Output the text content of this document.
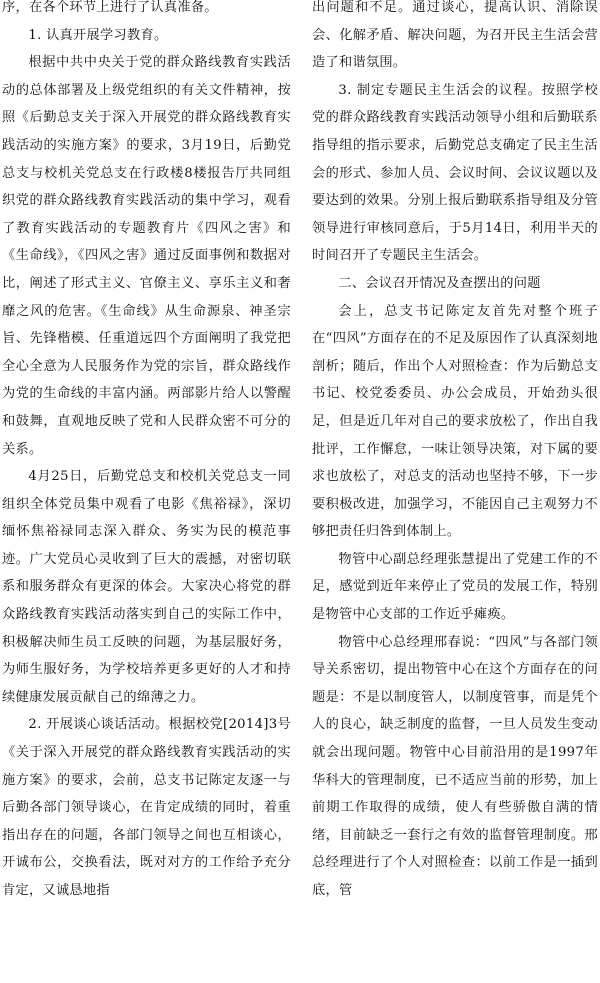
序，在各个环节上进行了认真准备。

1. 认真开展学习教育。

根据中共中央关于党的群众路线教育实践活动的总体部署及上级党组织的有关文件精神，按照《后勤总支关于深入开展党的群众路线教育实践活动的实施方案》的要求，3月19日，后勤党总支与校机关党总支在行政楼8楼报告厅共同组织党的群众路线教育实践活动的集中学习，观看了教育实践活动的专题教育片《四风之害》和《生命线》，《四风之害》通过反面事例和数据对比，阐述了形式主义、官僚主义、享乐主义和奢靡之风的危害。《生命线》从生命源泉、神圣宗旨、先锋楷模、任重道远四个方面阐明了我党把全心全意为人民服务作为党的宗旨，群众路线作为党的生命线的丰富内涵。两部影片给人以警醒和鼓舞，直观地反映了党和人民群众密不可分的关系。

4月25日，后勤党总支和校机关党总支一同组织全体党员集中观看了电影《焦裕禄》，深切缅怀焦裕禄同志深入群众、务实为民的模范事迹。广大党员心灵收到了巨大的震撼，对密切联系和服务群众有更深的体会。大家决心将党的群众路线教育实践活动落实到自己的实际工作中，积极解决师生员工反映的问题，为基层服好务，为师生服好务，为学校培养更多更好的人才和持续健康发展贡献自己的绵薄之力。

2. 开展谈心谈话活动。根据校党[2014]3号《关于深入开展党的群众路线教育实践活动的实施方案》的要求，会前，总支书记陈定友逐一与后勤各部门领导谈心，在肯定成绩的同时，着重指出存在的问题，各部门领导之间也互相谈心，开诚布公，交换看法，既对对方的工作给予充分肯定，又诚恳地指

出问题和不足。通过谈心，提高认识、消除误会、化解矛盾、解决问题，为召开民主生活会营造了和谐氛围。

3. 制定专题民主生活会的议程。按照学校党的群众路线教育实践活动领导小组和后勤联系指导组的指示要求，后勤党总支确定了民主生活会的形式、参加人员、会议时间、会议议题以及要达到的效果。分别上报后勤联系指导组及分管领导进行审核同意后，于5月14日，利用半天的时间召开了专题民主生活会。

二、会议召开情况及查摆出的问题

会上，总支书记陈定友首先对整个班子在“四风”方面存在的不足及原因作了认真深刻地剖析；随后，作出个人对照检查：作为后勤总支书记、校党委委员、办公会成员，开始劲头很足，但是近几年对自己的要求放松了，作出自我批评，工作懈怠，一味让领导决策，对下属的要求也放松了，对总支的活动也坚持不够，下一步要积极改进，加强学习，不能因自己主观努力不够把责任归咎到体制上。

物管中心副总经理张慧提出了党建工作的不足，感觉到近年来停止了党员的发展工作，特别是物管中心支部的工作近乎瘫痪。

物管中心总经理邢春说：“四风”与各部门领导关系密切，提出物管中心在这个方面存在的问题是：不是以制度管人，以制度管事，而是凭个人的良心，缺乏制度的监督，一旦人员发生变动就会出现问题。物管中心目前沿用的是1997年华科大的管理制度，已不适应当前的形势，加上前期工作取得的成绩，使人有些骄傲自满的情绪，目前缺乏一套行之有效的监督管理制度。邢总经理进行了个人对照检查：以前工作是一插到底，管
